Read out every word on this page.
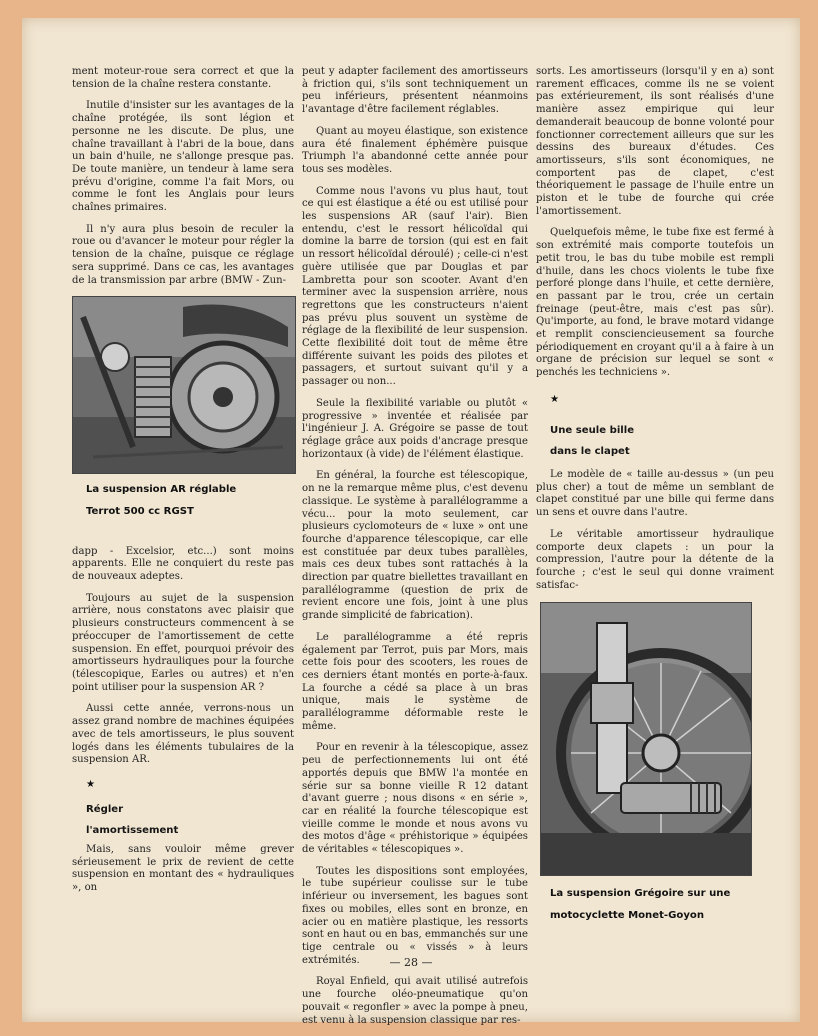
ment moteur-roue sera correct et que la tension de la chaîne restera constante.

Inutile d'insister sur les avantages de la chaîne protégée, ils sont légion et personne ne les discute. De plus, une chaîne travaillant à l'abri de la boue, dans un bain d'huile, ne s'allonge presque pas. De toute manière, un tendeur à lame sera prévu d'origine, comme l'a fait Mors, ou comme le font les Anglais pour leurs chaînes primaires.

Il n'y aura plus besoin de reculer la roue ou d'avancer le moteur pour régler la tension de la chaîne, puisque ce réglage sera supprimé. Dans ce cas, les avantages de la transmission par arbre (BMW - Zun-

La suspension AR réglable

Terrot 500 cc RGST

dapp - Excelsior, etc...) sont moins apparents. Elle ne conquiert du reste pas de nouveaux adeptes.

Toujours au sujet de la suspension arrière, nous constatons avec plaisir que plusieurs constructeurs commencent à se préoccuper de l'amortissement de cette suspension. En effet, pourquoi prévoir des amortisseurs hydrauliques pour la fourche (télescopique, Earles ou autres) et n'en point utiliser pour la suspension AR ?

Aussi cette année, verrons-nous un assez grand nombre de machines équipées avec de tels amortisseurs, le plus souvent logés dans les éléments tubulaires de la suspension AR.

★

Régler

l'amortissement

Mais, sans vouloir même grever sérieusement le prix de revient de cette suspension en montant des « hydrauliques », on

peut y adapter facilement des amortisseurs à friction qui, s'ils sont techniquement un peu inférieurs, présentent néanmoins l'avantage d'être facilement réglables.

Quant au moyeu élastique, son existence aura été finalement éphémère puisque Triumph l'a abandonné cette année pour tous ses modèles.

Comme nous l'avons vu plus haut, tout ce qui est élastique a été ou est utilisé pour les suspensions AR (sauf l'air). Bien entendu, c'est le ressort hélicoïdal qui domine la barre de torsion (qui est en fait un ressort hélicoïdal déroulé) ; celle-ci n'est guère utilisée que par Douglas et par Lambretta pour son scooter. Avant d'en terminer avec la suspension arrière, nous regrettons que les constructeurs n'aient pas prévu plus souvent un système de réglage de la flexibilité de leur suspension. Cette flexibilité doit tout de même être différente suivant les poids des pilotes et passagers, et surtout suivant qu'il y a passager ou non...

Seule la flexibilité variable ou plutôt « progressive » inventée et réalisée par l'ingénieur J. A. Grégoire se passe de tout réglage grâce aux poids d'ancrage presque horizontaux (à vide) de l'élément élastique.

En général, la fourche est télescopique, on ne la remarque même plus, c'est devenu classique. Le système à parallélogramme a vécu... pour la moto seulement, car plusieurs cyclomoteurs de « luxe » ont une fourche d'apparence télescopique, car elle est constituée par deux tubes parallèles, mais ces deux tubes sont rattachés à la direction par quatre biellettes travaillant en parallélogramme (question de prix de revient encore une fois, joint à une plus grande simplicité de fabrication).

Le parallélogramme a été repris également par Terrot, puis par Mors, mais cette fois pour des scooters, les roues de ces derniers étant montés en porte-à-faux. La fourche a cédé sa place à un bras unique, mais le système de parallélogramme déformable reste le même.

Pour en revenir à la télescopique, assez peu de perfectionnements lui ont été apportés depuis que BMW l'a montée en série sur sa bonne vieille R 12 datant d'avant guerre ; nous disons « en série », car en réalité la fourche télescopique est vieille comme le monde et nous avons vu des motos d'âge « préhistorique » équipées de véritables « télescopiques ».

Toutes les dispositions sont employées, le tube supérieur coulisse sur le tube inférieur ou inversement, les bagues sont fixes ou mobiles, elles sont en bronze, en acier ou en matière plastique, les ressorts sont en haut ou en bas, emmanchés sur une tige centrale ou « vissés » à leurs extrémités.

Royal Enfield, qui avait utilisé autrefois une fourche oléo-pneumatique qu'on pouvait « regonfler » avec la pompe à pneu, est venu à la suspension classique par res-

sorts. Les amortisseurs (lorsqu'il y en a) sont rarement efficaces, comme ils ne se voient pas extérieurement, ils sont réalisés d'une manière assez empirique qui leur demanderait beaucoup de bonne volonté pour fonctionner correctement ailleurs que sur les dessins des bureaux d'études. Ces amortisseurs, s'ils sont économiques, ne comportent pas de clapet, c'est théoriquement le passage de l'huile entre un piston et le tube de fourche qui crée l'amortissement.

Quelquefois même, le tube fixe est fermé à son extrémité mais comporte toutefois un petit trou, le bas du tube mobile est rempli d'huile, dans les chocs violents le tube fixe perforé plonge dans l'huile, et cette dernière, en passant par le trou, crée un certain freinage (peut-être, mais c'est pas sûr). Qu'importe, au fond, le brave motard vidange et remplit consciencieusement sa fourche périodiquement en croyant qu'il a à faire à un organe de précision sur lequel se sont « penchés les techniciens ».

★

Une seule bille

dans le clapet

Le modèle de « taille au-dessus » (un peu plus cher) a tout de même un semblant de clapet constitué par une bille qui ferme dans un sens et ouvre dans l'autre.

Le véritable amortisseur hydraulique comporte deux clapets : un pour la compression, l'autre pour la détente de la fourche ; c'est le seul qui donne vraiment satisfac-

La suspension Grégoire sur une

motocyclette Monet-Goyon

— 28 —
